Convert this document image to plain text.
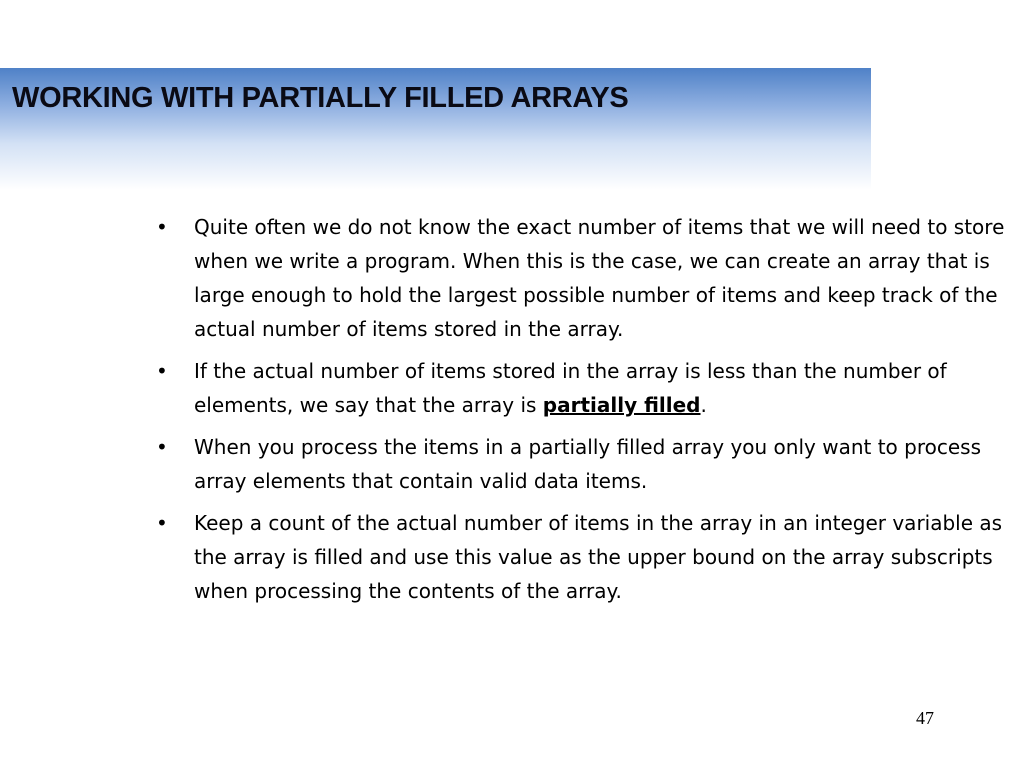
WORKING WITH PARTIALLY FILLED ARRAYS
• Quite often we do not know the exact number of items that we will need to store when we write a program. When this is the case, we can create an array that is large enough to hold the largest possible number of items and keep track of the actual number of items stored in the array.
• If the actual number of items stored in the array is less than the number of elements, we say that the array is partially filled.
• When you process the items in a partially filled array you only want to process array elements that contain valid data items.
• Keep a count of the actual number of items in the array in an integer variable as the array is filled and use this value as the upper bound on the array subscripts when processing the contents of the array.
47
